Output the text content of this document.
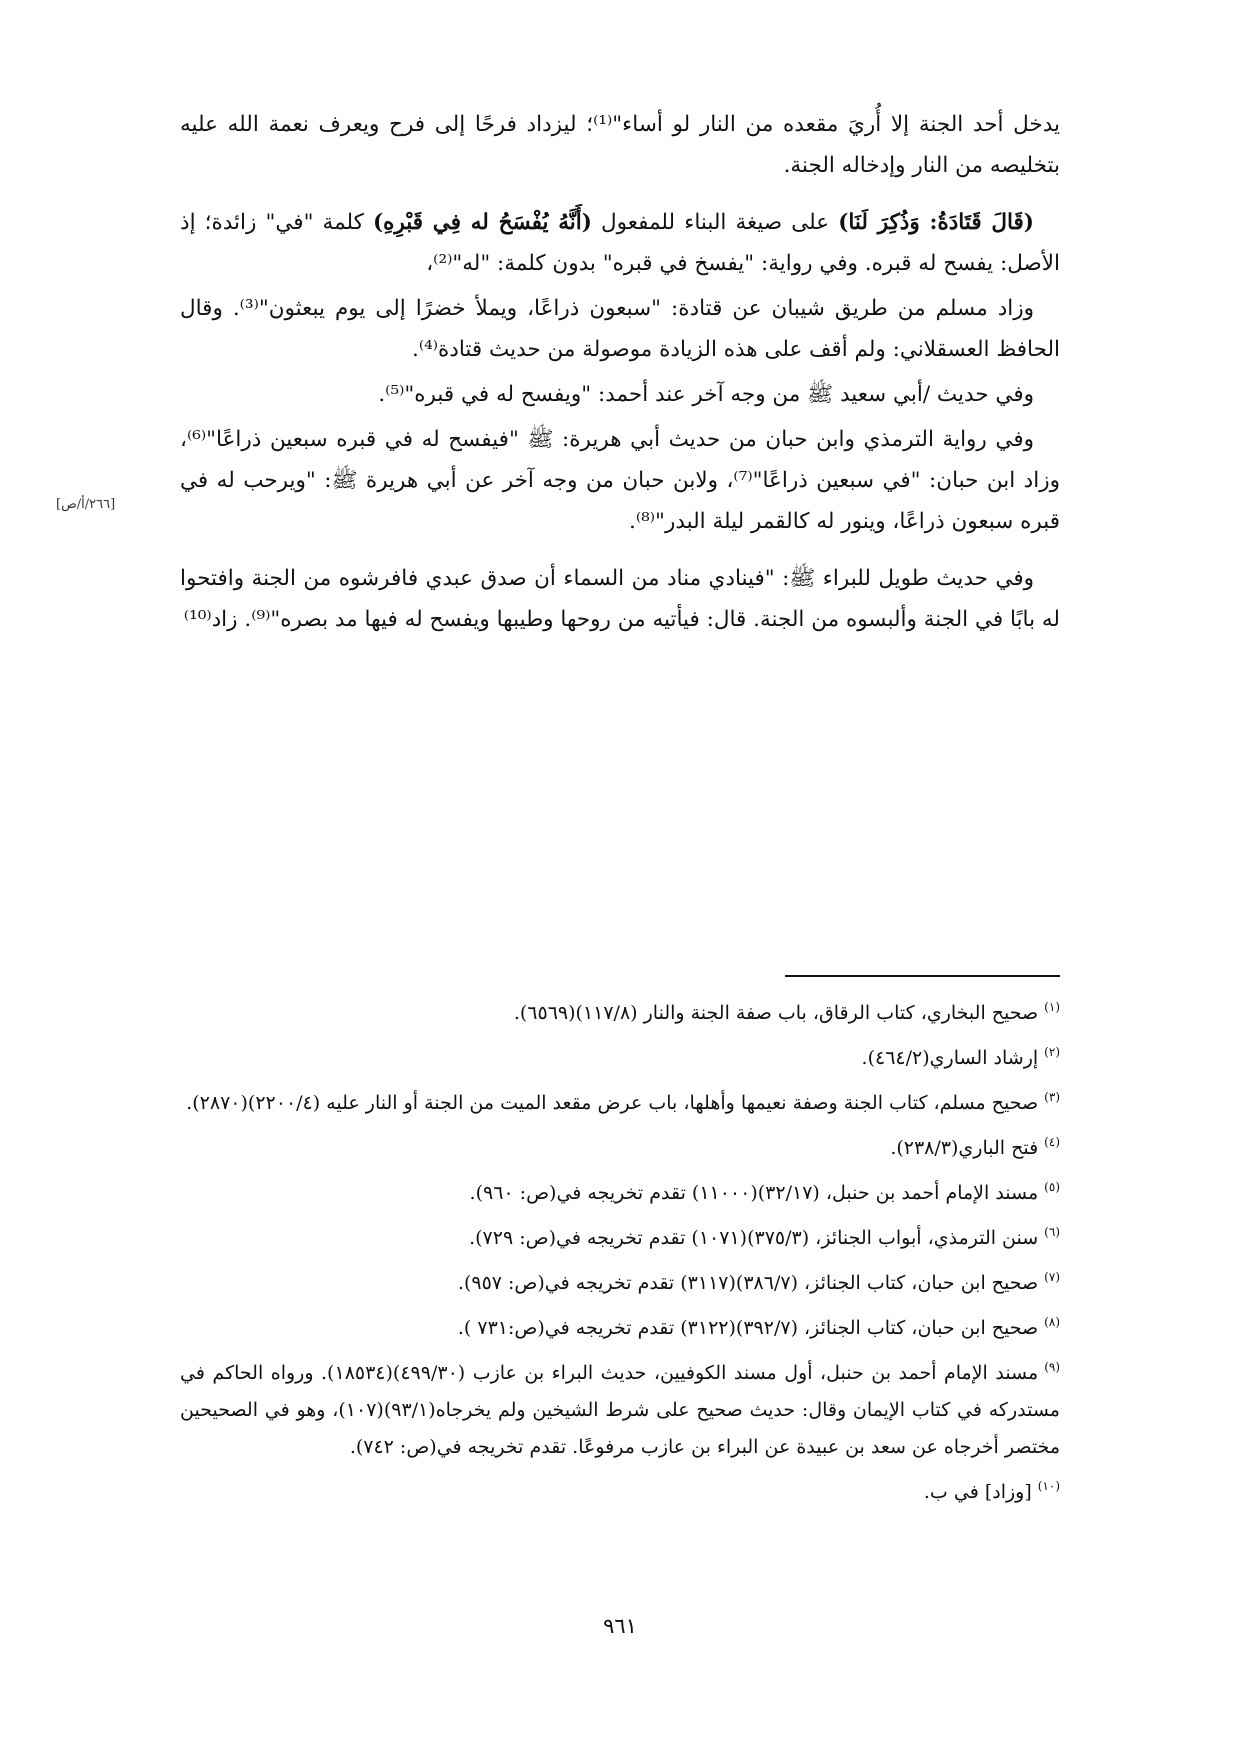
يدخل أحد الجنة إلا أُريَ مقعده من النار لو أساء"⁽¹⁾؛ ليزداد فرحًا إلى فرح ويعرف نعمة الله عليه بتخليصه من النار وإدخاله الجنة.

(قَالَ قَتَادَةُ: وَذُكِرَ لَنَا) على صيغة البناء للمفعول (أَنَّهُ يُفْسَحُ له فِي قَبْرِهِ) كلمة "في" زائدة؛ إذ الأصل: يفسح له قبره. وفي رواية: "يفسخ في قبره" بدون كلمة: "له"⁽²⁾،

وزاد مسلم من طريق شيبان عن قتادة: "سبعون ذراعًا، ويملأ خضرًا إلى يوم يبعثون"⁽³⁾. وقال الحافظ العسقلاني: ولم أقف على هذه الزيادة موصولة من حديث قتادة⁽⁴⁾.

وفي حديث /أبي سعيد ﷺ من وجه آخر عند أحمد: "ويفسح له في قبره"⁽⁵⁾.

وفي رواية الترمذي وابن حبان من حديث أبي هريرة: ﷺ "فيفسح له في قبره سبعين ذراعًا"⁽⁶⁾، وزاد ابن حبان: "في سبعين ذراعًا"⁽⁷⁾، ولابن حبان من وجه آخر عن أبي هريرة ﷺ: "ويرحب له في قبره سبعون ذراعًا، وينور له كالقمر ليلة البدر"⁽⁸⁾.

وفي حديث طويل للبراء ﷺ: "فينادي مناد من السماء أن صدق عبدي فافرشوه من الجنة وافتحوا له بابًا في الجنة وألبسوه من الجنة. قال: فيأتيه من روحها وطيبها ويفسح له فيها مد بصره"⁽⁹⁾. زاد⁽¹⁰⁾

[٢٦٦/أ/ص]
$^{(١)}$صحيح البخاري، كتاب الرقاق، باب صفة الجنة والنار (١١٧/٨)(٦٥٦٩).
$^{(٢)}$إرشاد الساري(٤٦٤/٢).
$^{(٣)}$صحيح مسلم، كتاب الجنة وصفة نعيمها وأهلها، باب عرض مقعد الميت من الجنة أو النار عليه (٢٢٠٠/٤)(٢٨٧٠).
$^{(٤)}$فتح الباري(٢٣٨/٣).
$^{(٥)}$مسند الإمام أحمد بن حنبل، (٣٢/١٧)(١١٠٠٠) تقدم تخريجه في(ص: ٩٦٠).
$^{(٦)}$سنن الترمذي، أبواب الجنائز، (٣٧٥/٣)(١٠٧١) تقدم تخريجه في(ص: ٧٢٩).
$^{(٧)}$صحيح ابن حبان، كتاب الجنائز، (٣٨٦/٧)(٣١١٧) تقدم تخريجه في(ص: ٩٥٧).
$^{(٨)}$صحيح ابن حبان، كتاب الجنائز، (٣٩٢/٧)(٣١٢٢) تقدم تخريجه في(ص:٧٣١ ).
$^{(٩)}$مسند الإمام أحمد بن حنبل، أول مسند الكوفيين، حديث البراء بن عازب (٤٩٩/٣٠)(١٨٥٣٤). ورواه الحاكم في مستدركه في كتاب الإيمان وقال: حديث صحيح على شرط الشيخين ولم يخرجاه(٩٣/١)(١٠٧)، وهو في الصحيحين مختصر أخرجاه عن سعد بن عبيدة عن البراء بن عازب مرفوعًا. تقدم تخريجه في(ص: ٧٤٢).
$^{(١٠)}$[وزاد] في ب.
٩٦١
